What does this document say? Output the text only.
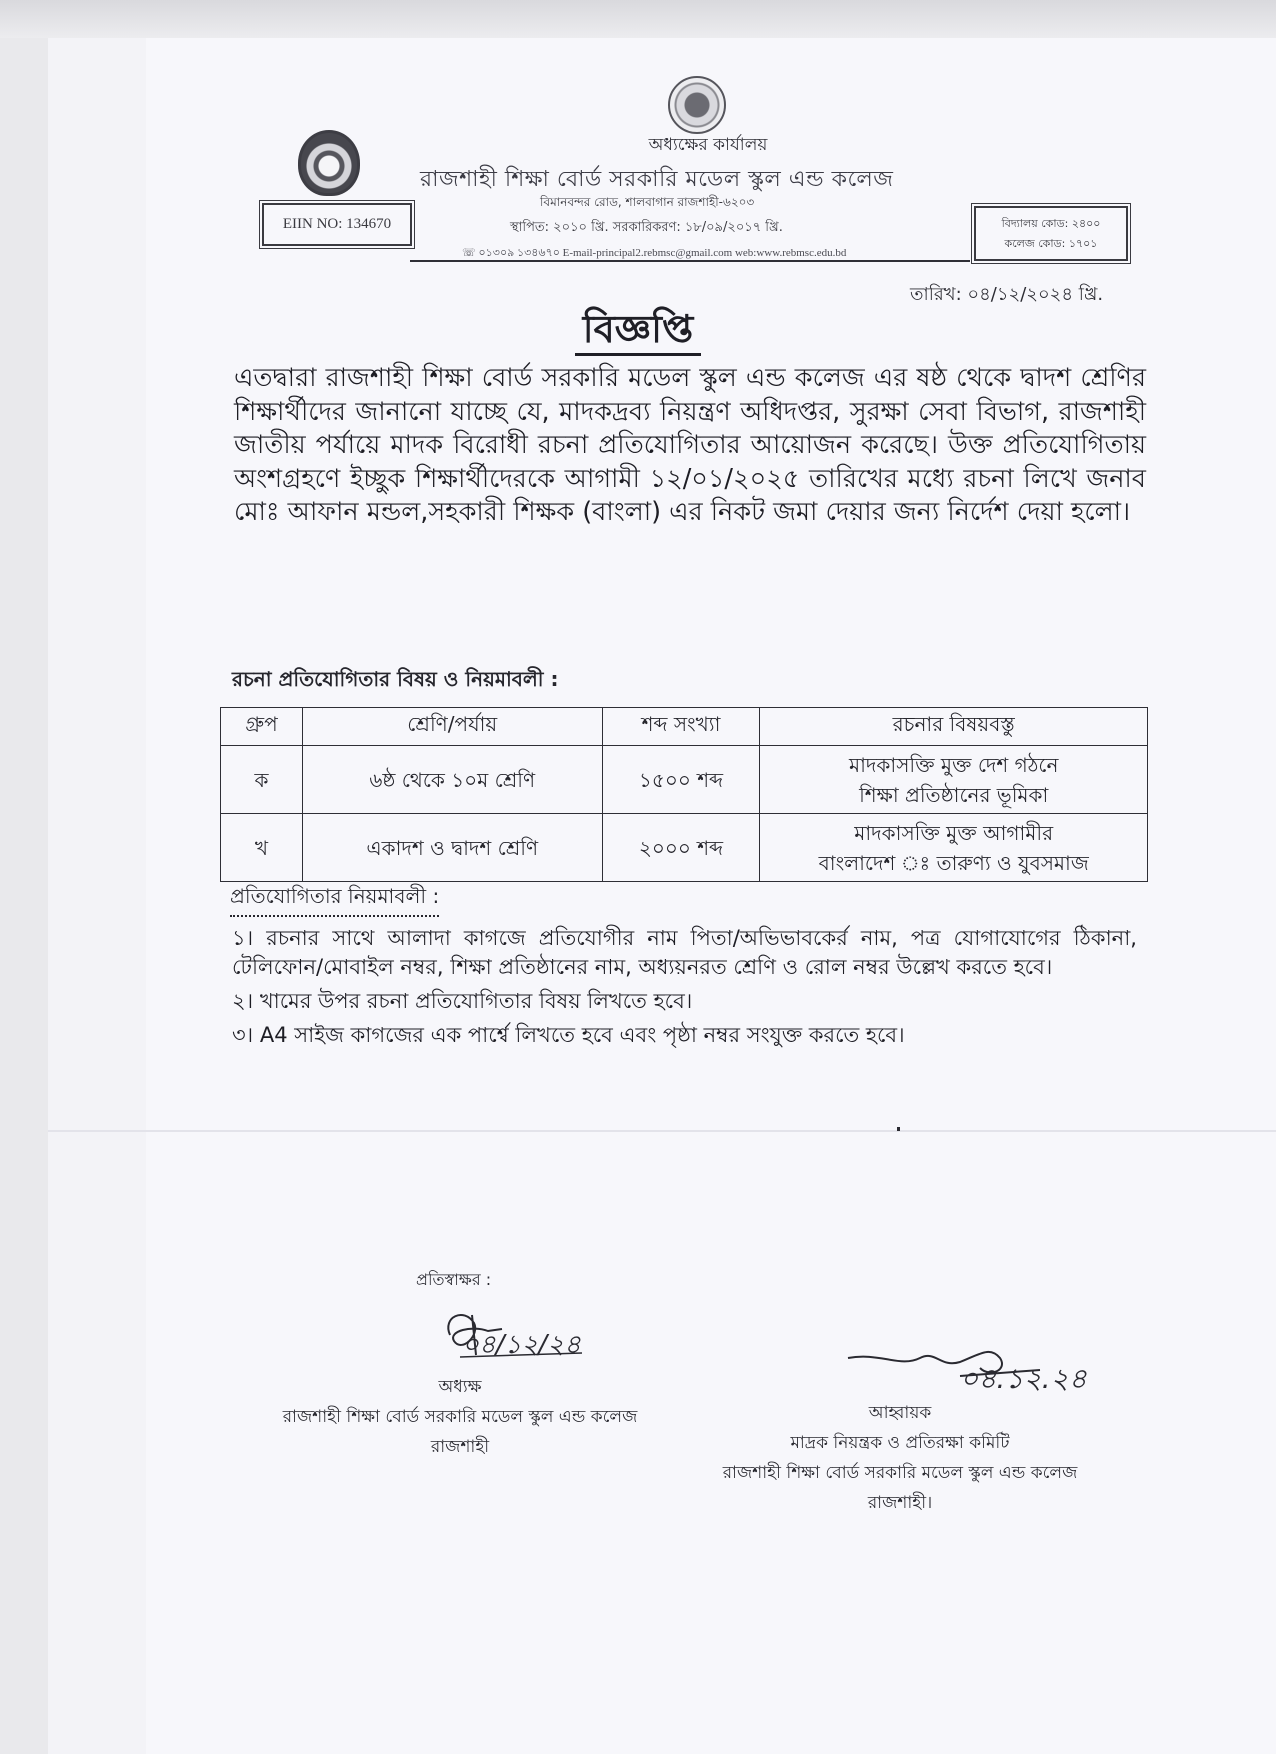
অধ্যক্ষের কার্যালয়
রাজশাহী শিক্ষা বোর্ড সরকারি মডেল স্কুল এন্ড কলেজ
বিমানবন্দর রোড, শালবাগান রাজশাহী-৬২০৩
স্থাপিত: ২০১০ খ্রি. সরকারিকরণ: ১৮/০৯/২০১৭ খ্রি.
☏ ০১৩০৯ ১৩৪৬৭০ E-mail-principal2.rebmsc@gmail.com web:www.rebmsc.edu.bd
EIIN NO: 134670	বিদ্যালয় কোড: ২৪০০
কলেজ কোড: ১৭০১
তারিখ: ০৪/১২/২০২৪ খ্রি.
বিজ্ঞপ্তি
এতদ্বারা রাজশাহী শিক্ষা বোর্ড সরকারি মডেল স্কুল এন্ড কলেজ এর ষষ্ঠ থেকে দ্বাদশ শ্রেণির শিক্ষার্থীদের জানানো যাচ্ছে যে, মাদকদ্রব্য নিয়ন্ত্রণ অধিদপ্তর, সুরক্ষা সেবা বিভাগ, রাজশাহী জাতীয় পর্যায়ে মাদক বিরোধী রচনা প্রতিযোগিতার আয়োজন করেছে। উক্ত প্রতিযোগিতায় অংশগ্রহণে ইচ্ছুক শিক্ষার্থীদেরকে আগামী ১২/০১/২০২৫ তারিখের মধ্যে রচনা লিখে জনাব মোঃ আফান মন্ডল,সহকারী শিক্ষক (বাংলা) এর নিকট জমা দেয়ার জন্য নির্দেশ দেয়া হলো।
রচনা প্রতিযোগিতার বিষয় ও নিয়মাবলী :
গ্রুপ	শ্রেণি/পর্যায়	শব্দ সংখ্যা	রচনার বিষয়বস্তু
ক	৬ষ্ঠ থেকে ১০ম শ্রেণি	১৫০০ শব্দ	মাদকাসক্তি মুক্ত দেশ গঠনে
শিক্ষা প্রতিষ্ঠানের ভূমিকা

খ	একাদশ ও দ্বাদশ শ্রেণি	২০০০ শব্দ	মাদকাসক্তি মুক্ত আগামীর
বাংলাদেশ ঃ তারুণ্য ও যুবসমাজ
প্রতিযোগিতার নিয়মাবলী :
১। রচনার সাথে আলাদা কাগজে প্রতিযোগীর নাম পিতা/অভিভাবকের্র নাম, পত্র যোগাযোগের ঠিকানা, টেলিফোন/মোবাইল নম্বর, শিক্ষা প্রতিষ্ঠানের নাম, অধ্যয়নরত শ্রেণি ও রোল নম্বর উল্লেখ করতে হবে।
২। খামের উপর রচনা প্রতিযোগিতার বিষয় লিখতে হবে।
৩। A4 সাইজ কাগজের এক পার্শ্বে লিখতে হবে এবং পৃষ্ঠা নম্বর সংযুক্ত করতে হবে।
প্রতিস্বাক্ষর :
০৪/১২/২৪
অধ্যক্ষ
রাজশাহী শিক্ষা বোর্ড সরকারি মডেল স্কুল এন্ড কলেজ
রাজশাহী
০৪.১২.২৪
আহ্বায়ক
মাদ্রক নিয়ন্ত্রক ও প্রতিরক্ষা কমিটি
রাজশাহী শিক্ষা বোর্ড সরকারি মডেল স্কুল এন্ড কলেজ
রাজশাহী।
